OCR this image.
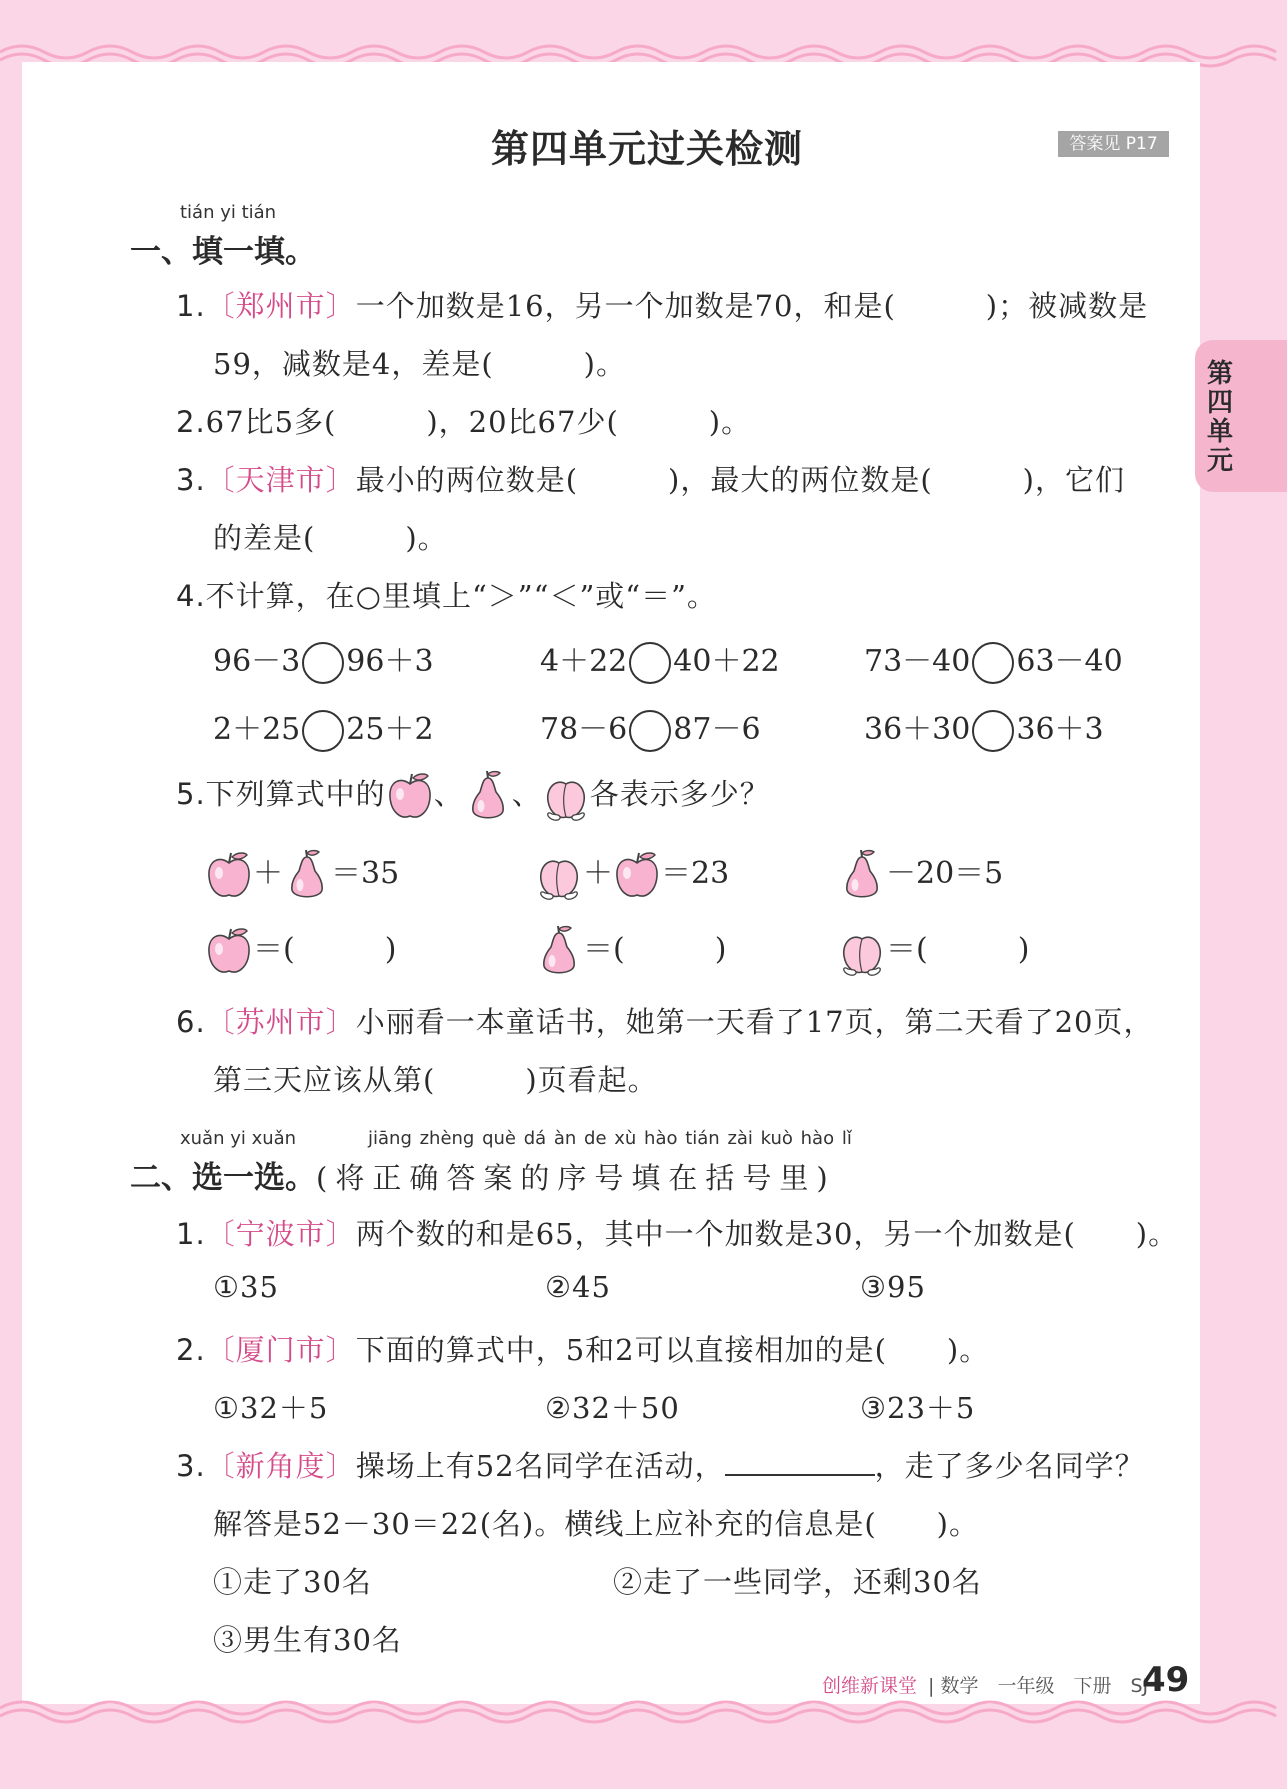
第四单元过关检测	答案见 P17
第四单元
tián yi tián
一、填一填。
1.〔郑州市〕一个加数是16，另一个加数是70，和是(　　　)；被减数是
59，减数是4，差是(　　　)。
2.67比5多(　　　)，20比67少(　　　)。
3.〔天津市〕最小的两位数是(　　　)，最大的两位数是(　　　)，它们
的差是(　　　)。
4.不计算，在○里填上“＞”“＜”或“＝”。
96－3 96＋3	4＋22 40＋22	73－40 63－40
2＋25 25＋2	78－6 87－6	36＋30 36＋3
5.下列算式中的 、 、 各表示多少？
＋ ＝35	＋ ＝23	－20＝5
＝(　　　)	＝(　　　)	＝(　　　)
6.〔苏州市〕小丽看一本童话书，她第一天看了17页，第二天看了20页，
第三天应该从第(　　　)页看起。
xuǎn yi xuǎn	jiāng zhèng què dá àn de xù hào tián zài kuò hào lǐ
二、选一选。(将正确答案的序号填在括号里)
1.〔宁波市〕两个数的和是65，其中一个加数是30，另一个加数是(　　)。
①35	②45	③95
2.〔厦门市〕下面的算式中，5和2可以直接相加的是(　　)。
①32＋5	②32＋50	③23＋5
3.〔新角度〕操场上有52名同学在活动，	，走了多少名同学？
解答是52－30＝22(名)。横线上应补充的信息是(　　)。
①走了30名	②走了一些同学，还剩30名
③男生有30名
创维新课堂 | 数学　一年级　下册　SJ
49
